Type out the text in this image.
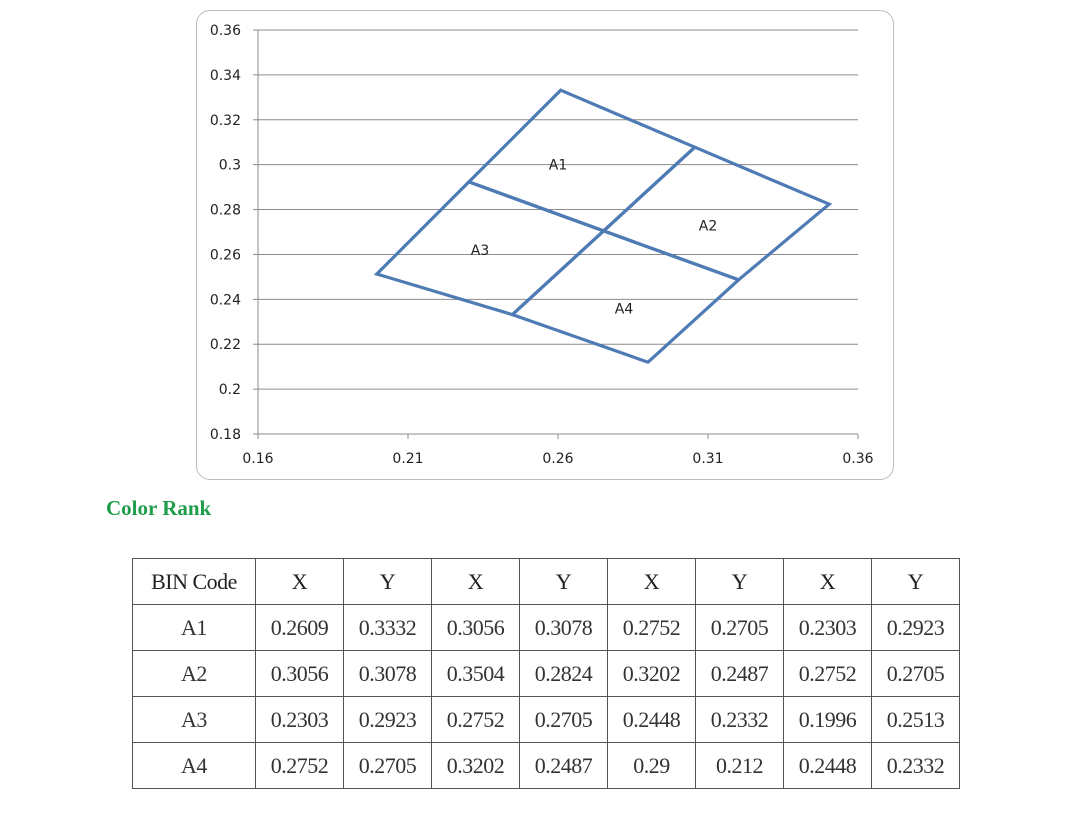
0.18
0.2
0.22
0.24
0.26
0.28
0.3
0.32
0.34
0.36
0.16	0.21	0.26	0.31	0.36
A1
A2
A3
A4
Color Rank
BIN Code	X	Y	X	Y	X	Y	X	Y
A1	0.2609	0.3332	0.3056	0.3078	0.2752	0.2705	0.2303	0.2923
A2	0.3056	0.3078	0.3504	0.2824	0.3202	0.2487	0.2752	0.2705
A3	0.2303	0.2923	0.2752	0.2705	0.2448	0.2332	0.1996	0.2513
A4	0.2752	0.2705	0.3202	0.2487	0.29	0.212	0.2448	0.2332
